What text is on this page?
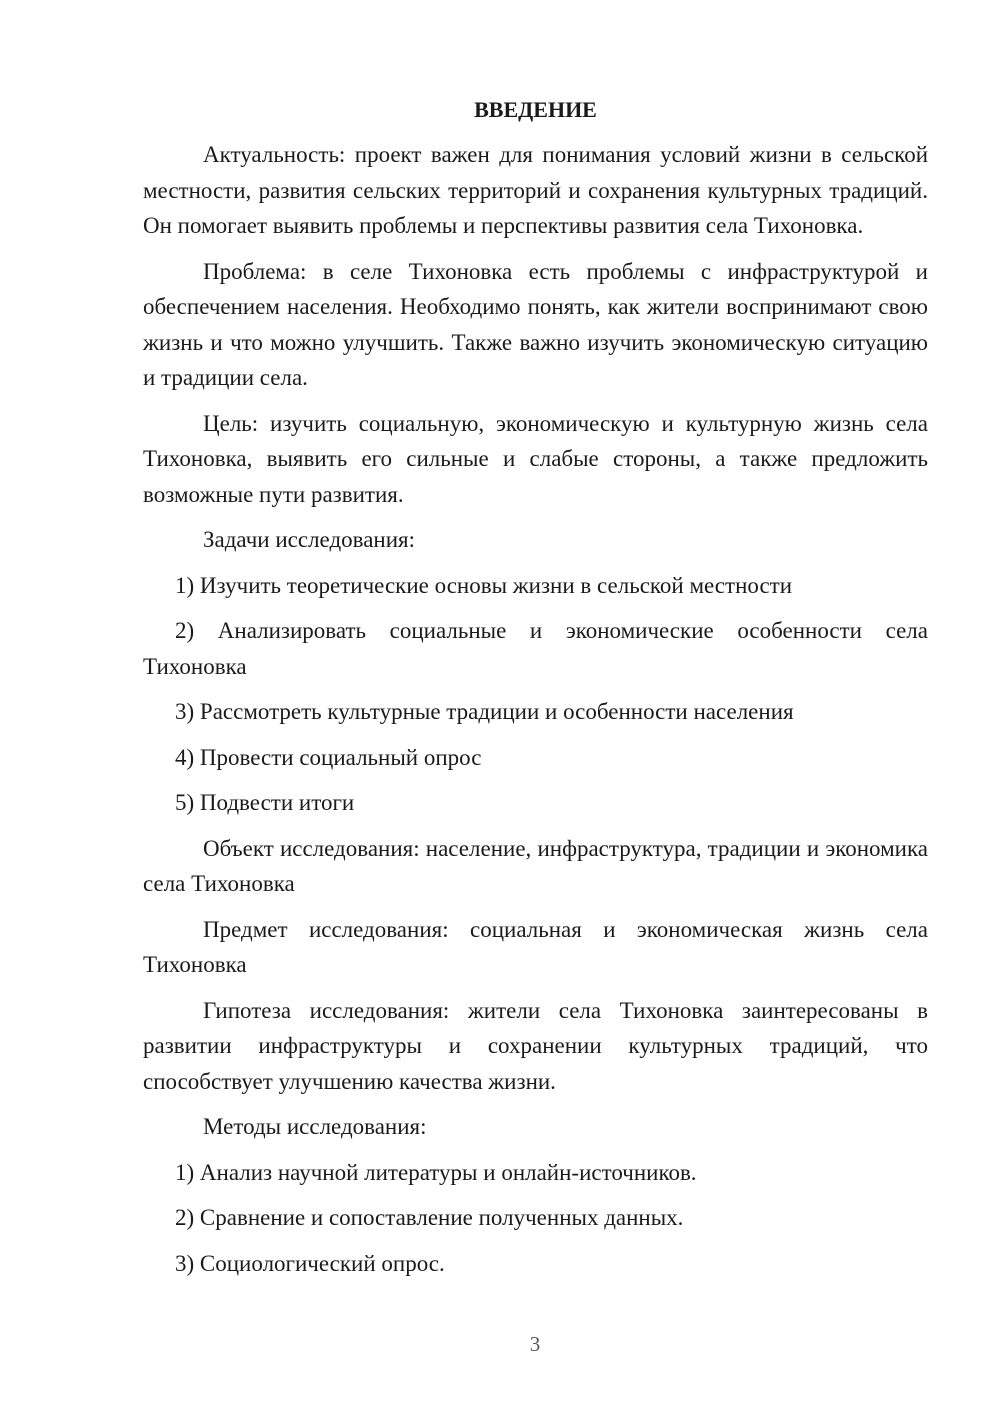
ВВЕДЕНИЕ
Актуальность: проект важен для понимания условий жизни в сельской местности, развития сельских территорий и сохранения культурных традиций. Он помогает выявить проблемы и перспективы развития села Тихоновка.
Проблема: в селе Тихоновка есть проблемы с инфраструктурой и обеспечением населения. Необходимо понять, как жители воспринимают свою жизнь и что можно улучшить. Также важно изучить экономическую ситуацию и традиции села.
Цель: изучить социальную, экономическую и культурную жизнь села Тихоновка, выявить его сильные и слабые стороны, а также предложить возможные пути развития.
Задачи исследования:
1) Изучить теоретические основы жизни в сельской местности
2) Анализировать социальные и экономические особенности села Тихоновка
3) Рассмотреть культурные традиции и особенности населения
4) Провести социальный опрос
5) Подвести итоги
Объект исследования: население, инфраструктура, традиции и экономика села Тихоновка
Предмет исследования: социальная и экономическая жизнь села Тихоновка
Гипотеза исследования: жители села Тихоновка заинтересованы в развитии инфраструктуры и сохранении культурных традиций, что способствует улучшению качества жизни.
Методы исследования:
1) Анализ научной литературы и онлайн-источников.
2) Сравнение и сопоставление полученных данных.
3) Социологический опрос.
3
